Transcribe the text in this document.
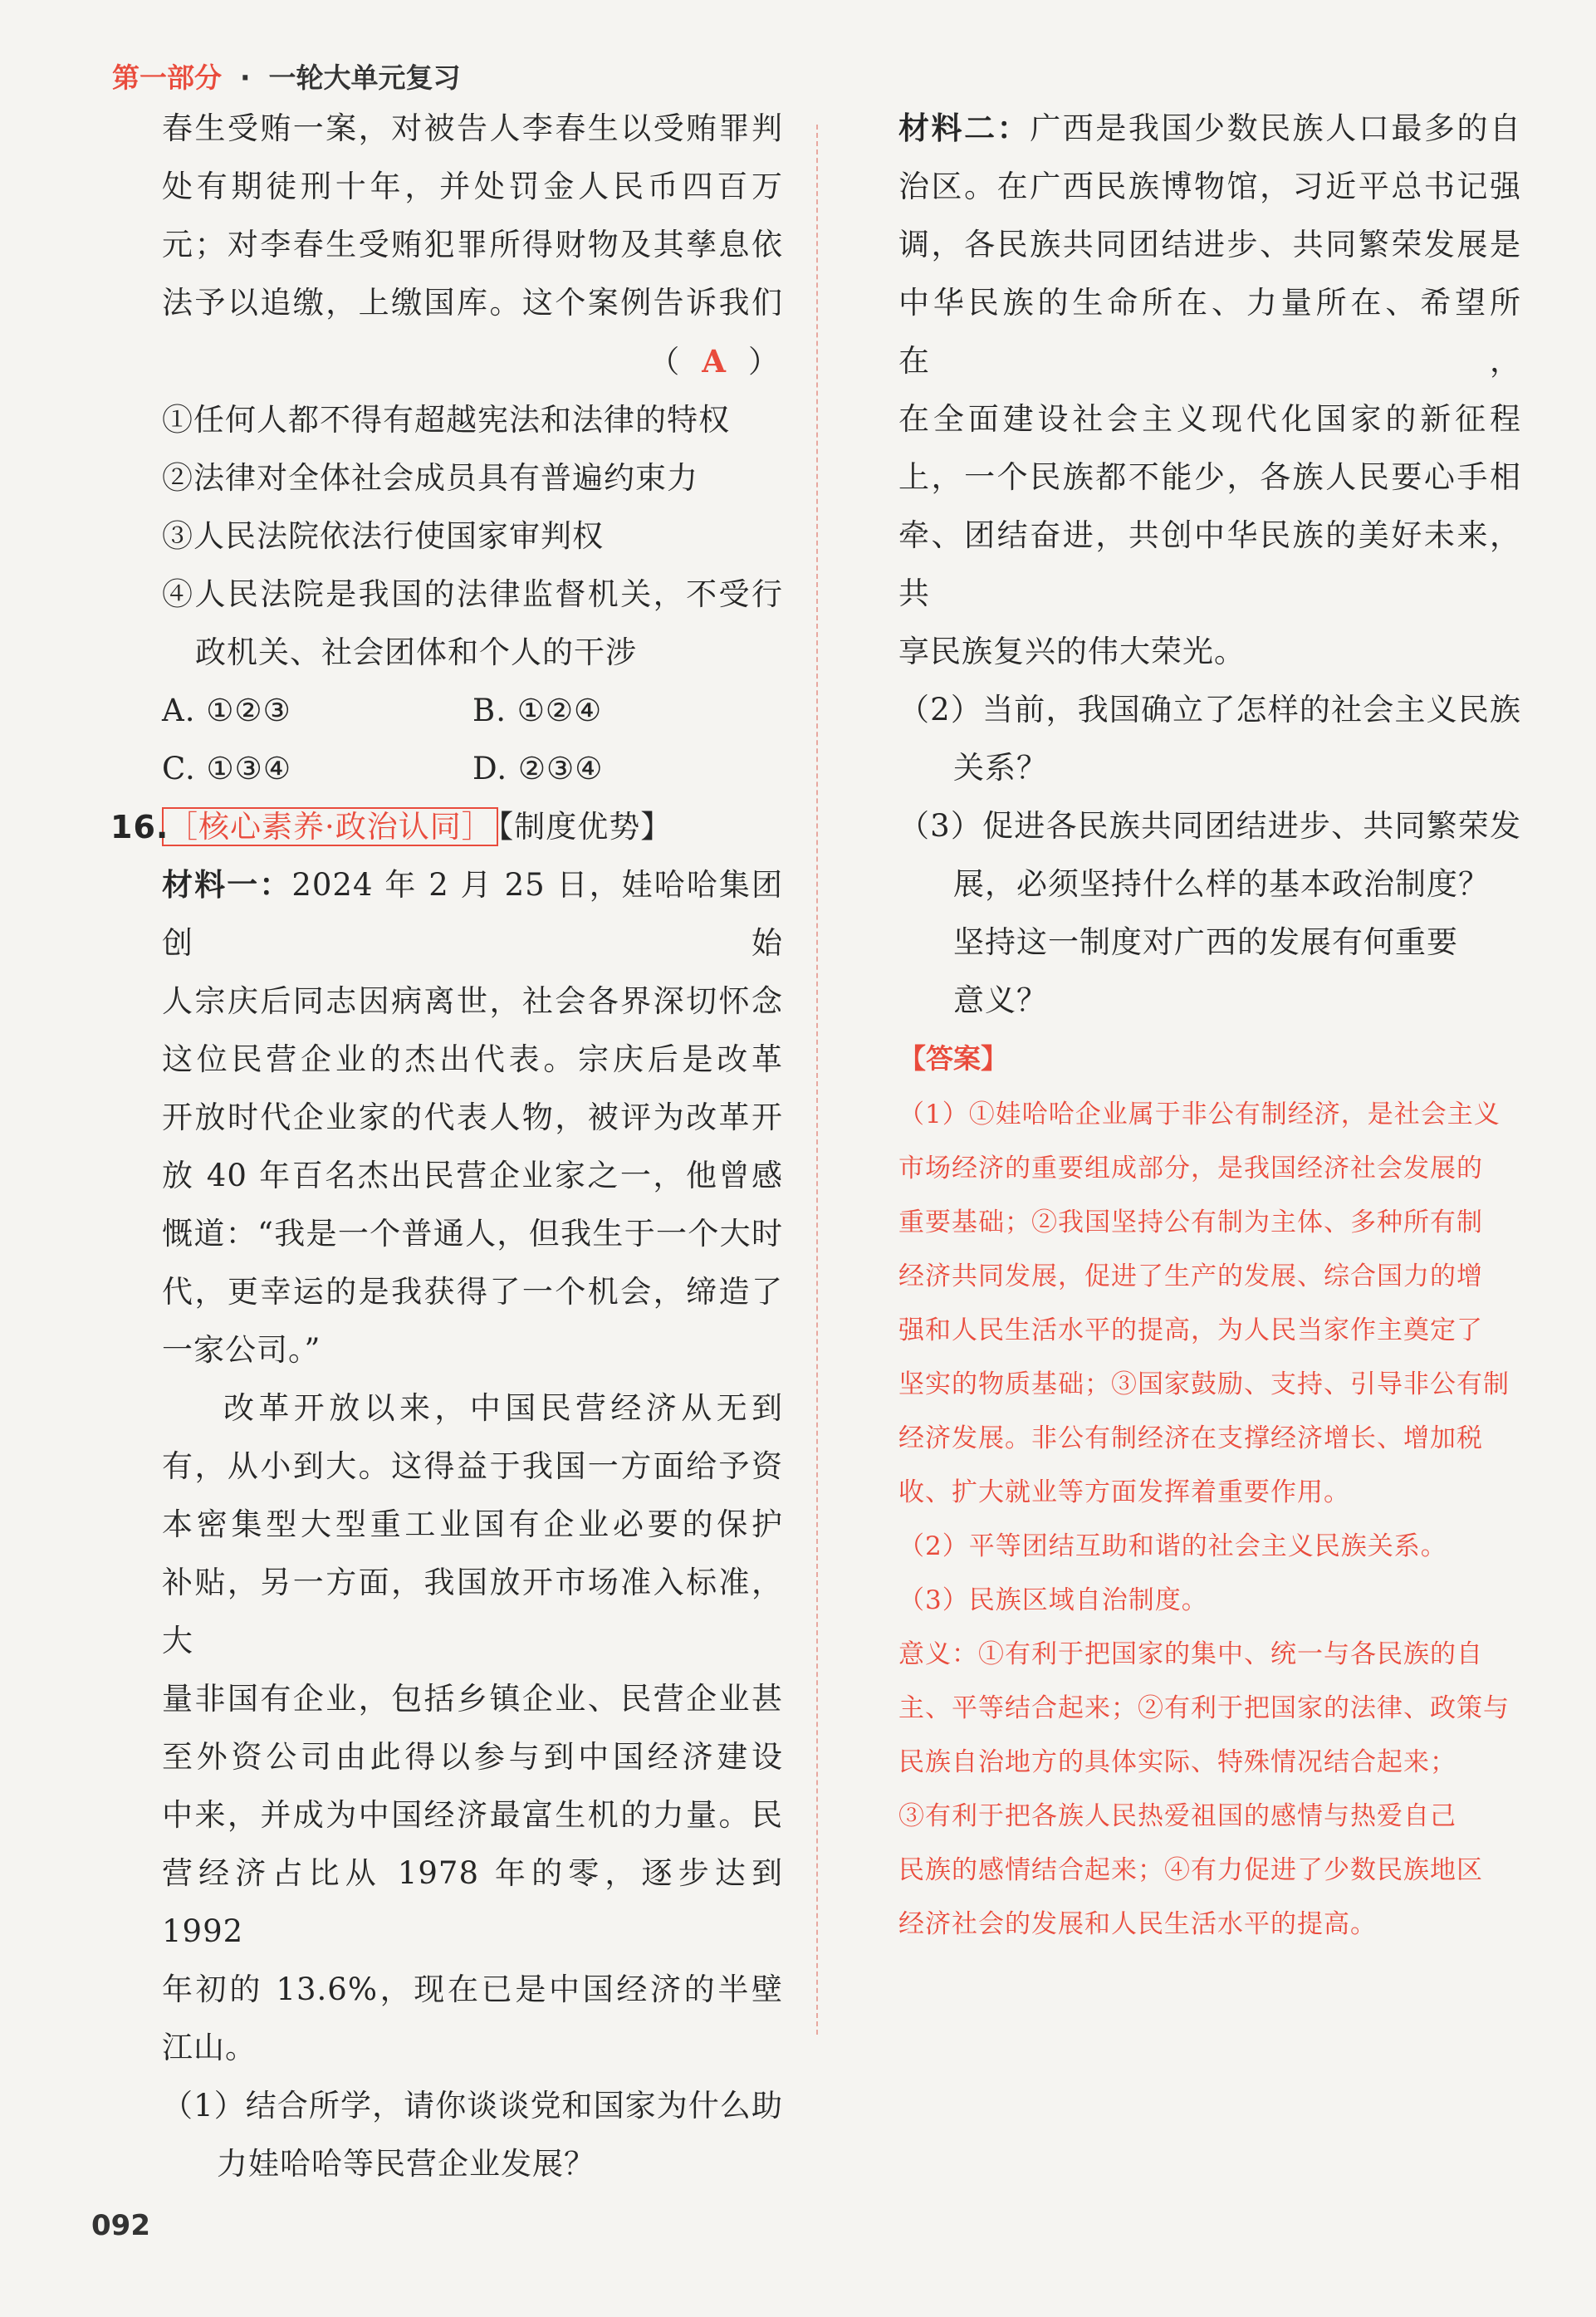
第一部分 · 一轮大单元复习
春生受贿一案，对被告人李春生以受贿罪判
处有期徒刑十年，并处罚金人民币四百万
元；对李春生受贿犯罪所得财物及其孳息依
法予以追缴，上缴国库。这个案例告诉我们
（ A ）
①任何人都不得有超越宪法和法律的特权
②法律对全体社会成员具有普遍约束力
③人民法院依法行使国家审判权
④人民法院是我国的法律监督机关，不受行
政机关、社会团体和个人的干涉
A. ①②③	B. ①②④
C. ①③④	D. ②③④
16.
［核心素养·政治认同］ 【制度优势】
材料一：2024 年 2 月 25 日，娃哈哈集团创始
人宗庆后同志因病离世，社会各界深切怀念
这位民营企业的杰出代表。宗庆后是改革
开放时代企业家的代表人物，被评为改革开
放 40 年百名杰出民营企业家之一，他曾感
慨道：“我是一个普通人，但我生于一个大时
代，更幸运的是我获得了一个机会，缔造了
一家公司。”
改革开放以来，中国民营经济从无到
有，从小到大。这得益于我国一方面给予资
本密集型大型重工业国有企业必要的保护
补贴，另一方面，我国放开市场准入标准，大
量非国有企业，包括乡镇企业、民营企业甚
至外资公司由此得以参与到中国经济建设
中来，并成为中国经济最富生机的力量。民
营经济占比从 1978 年的零，逐步达到 1992
年初的 13.6%，现在已是中国经济的半壁
江山。
（1）结合所学，请你谈谈党和国家为什么助
力娃哈哈等民营企业发展？
材料二：广西是我国少数民族人口最多的自
治区。在广西民族博物馆，习近平总书记强
调，各民族共同团结进步、共同繁荣发展是
中华民族的生命所在、力量所在、希望所在，
在全面建设社会主义现代化国家的新征程
上，一个民族都不能少，各族人民要心手相
牵、团结奋进，共创中华民族的美好未来，共
享民族复兴的伟大荣光。
（2）当前，我国确立了怎样的社会主义民族
关系？
（3）促进各民族共同团结进步、共同繁荣发
展，必须坚持什么样的基本政治制度？
坚持这一制度对广西的发展有何重要
意义？
【答案】
（1）①娃哈哈企业属于非公有制经济，是社会主义
市场经济的重要组成部分，是我国经济社会发展的
重要基础；②我国坚持公有制为主体、多种所有制
经济共同发展，促进了生产的发展、综合国力的增
强和人民生活水平的提高，为人民当家作主奠定了
坚实的物质基础；③国家鼓励、支持、引导非公有制
经济发展。非公有制经济在支撑经济增长、增加税
收、扩大就业等方面发挥着重要作用。
（2）平等团结互助和谐的社会主义民族关系。
（3）民族区域自治制度。
意义：①有利于把国家的集中、统一与各民族的自
主、平等结合起来；②有利于把国家的法律、政策与
民族自治地方的具体实际、特殊情况结合起来；
③有利于把各族人民热爱祖国的感情与热爱自己
民族的感情结合起来；④有力促进了少数民族地区
经济社会的发展和人民生活水平的提高。
092
